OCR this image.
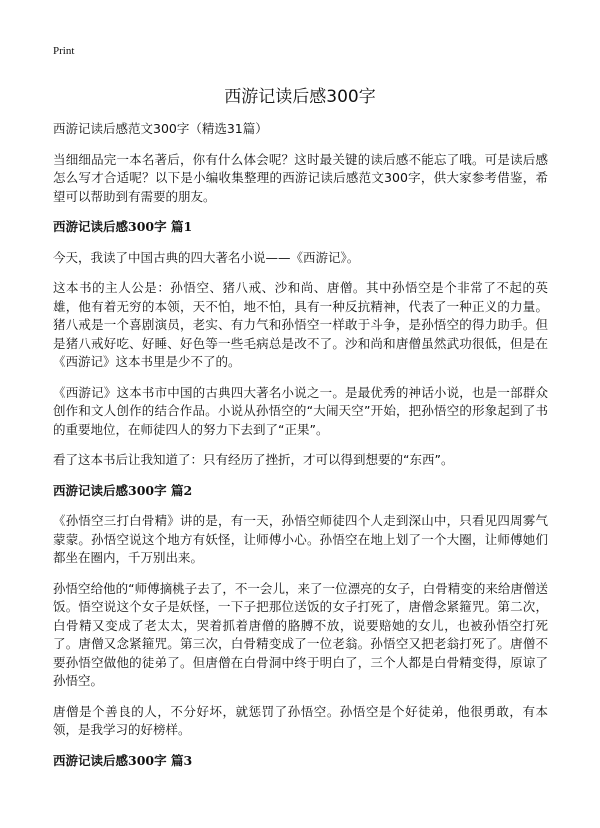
Print
西游记读后感300字

西游记读后感范文300字（精选31篇）

当细细品完一本名著后，你有什么体会呢？这时最关键的读后感不能忘了哦。可是读后感怎么写才合适呢？以下是小编收集整理的西游记读后感范文300字，供大家参考借鉴，希望可以帮助到有需要的朋友。

西游记读后感300字 篇1

今天，我读了中国古典的四大著名小说——《西游记》。

这本书的主人公是：孙悟空、猪八戒、沙和尚、唐僧。其中孙悟空是个非常了不起的英雄，他有着无穷的本领，天不怕，地不怕，具有一种反抗精神，代表了一种正义的力量。猪八戒是一个喜剧演员，老实、有力气和孙悟空一样敢于斗争，是孙悟空的得力助手。但是猪八戒好吃、好睡、好色等一些毛病总是改不了。沙和尚和唐僧虽然武功很低，但是在《西游记》这本书里是少不了的。

《西游记》这本书市中国的古典四大著名小说之一。是最优秀的神话小说，也是一部群众创作和文人创作的结合作品。小说从孙悟空的“大闹天空”开始，把孙悟空的形象起到了书的重要地位，在师徒四人的努力下去到了“正果”。

看了这本书后让我知道了：只有经历了挫折，才可以得到想要的“东西”。

西游记读后感300字 篇2

《孙悟空三打白骨精》讲的是，有一天，孙悟空师徒四个人走到深山中，只看见四周雾气蒙蒙。孙悟空说这个地方有妖怪，让师傅小心。孙悟空在地上划了一个大圈，让师傅她们都坐在圈内，千万别出来。

孙悟空给他的“师傅摘桃子去了，不一会儿，来了一位漂亮的女子，白骨精变的来给唐僧送饭。悟空说这个女子是妖怪，一下子把那位送饭的女子打死了，唐僧念紧箍咒。第二次，白骨精又变成了老太太，哭着抓着唐僧的胳膊不放，说要赔她的女儿，也被孙悟空打死了。唐僧又念紧箍咒。第三次，白骨精变成了一位老翁。孙悟空又把老翁打死了。唐僧不要孙悟空做他的徒弟了。但唐僧在白骨洞中终于明白了，三个人都是白骨精变得，原谅了孙悟空。

唐僧是个善良的人，不分好坏，就惩罚了孙悟空。孙悟空是个好徒弟，他很勇敢，有本领，是我学习的好榜样。

西游记读后感300字 篇3
